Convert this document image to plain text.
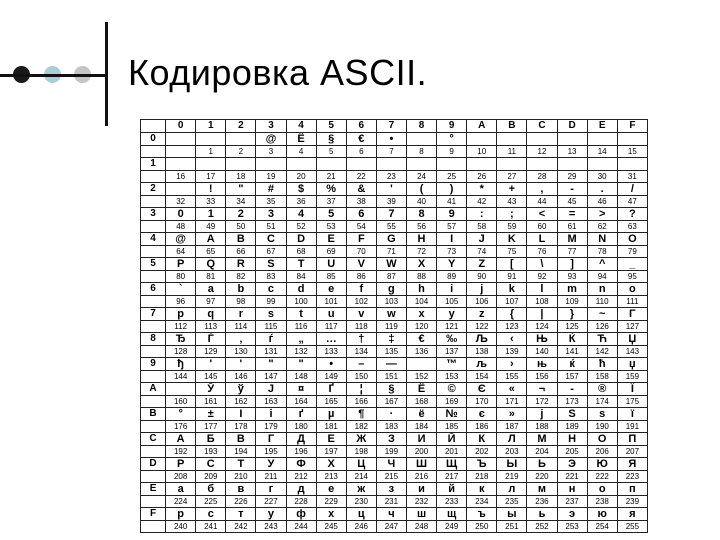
Кодировка ASCII.
	0	1	2	3	4	5	6	7	8	9	A	B	C	D	E	F
0				@	Ë	§	€	•		°						
		1	2	3	4	5	6	7	8	9	10	11	12	13	14	15
1																
	16	17	18	19	20	21	22	23	24	25	26	27	28	29	30	31
2		!	"	#	$	%	&	'	(	)	*	+	,	-	.	/
	32	33	34	35	36	37	38	39	40	41	42	43	44	45	46	47
3	0	1	2	3	4	5	6	7	8	9	:	;	<	=	>	?
	48	49	50	51	52	53	54	55	56	57	58	59	60	61	62	63
4	@	A	B	C	D	E	F	G	H	I	J	K	L	M	N	O
	64	65	66	67	68	69	70	71	72	73	74	75	76	77	78	79
5	P	Q	R	S	T	U	V	W	X	Y	Z	[	\	]	^	_
	80	81	82	83	84	85	86	87	88	89	90	91	92	93	94	95
6	`	a	b	c	d	e	f	g	h	i	j	k	l	m	n	o
	96	97	98	99	100	101	102	103	104	105	106	107	108	109	110	111
7	p	q	r	s	t	u	v	w	x	y	z	{	|	}	~	Γ
	112	113	114	115	116	117	118	119	120	121	122	123	124	125	126	127
8	Ђ	Ѓ	‚	ѓ	„	…	†	‡	€	‰	Љ	‹	Њ	Ќ	Ћ	Џ
	128	129	130	131	132	133	134	135	136	137	138	139	140	141	142	143
9	ђ	'	'	"	"	•	–	—		™	љ	›	њ	ќ	ћ	џ
	144	145	146	147	148	149	150	151	152	153	154	155	156	157	158	159
A		Ў	ў	Ј	¤	Ґ	¦	§	Ё	©	Є	«	¬	-	®	Ї
	160	161	162	163	164	165	166	167	168	169	170	171	172	173	174	175
B	°	±	І	і	ґ	µ	¶	·	ё	№	є	»	ј	Ѕ	ѕ	ї
	176	177	178	179	180	181	182	183	184	185	186	187	188	189	190	191
C	А	Б	В	Г	Д	Е	Ж	З	И	Й	К	Л	М	Н	О	П
	192	193	194	195	196	197	198	199	200	201	202	203	204	205	206	207
D	Р	С	Т	У	Ф	Х	Ц	Ч	Ш	Щ	Ъ	Ы	Ь	Э	Ю	Я
	208	209	210	211	212	213	214	215	216	217	218	219	220	221	222	223
E	а	б	в	г	д	е	ж	з	и	й	к	л	м	н	о	п
	224	225	226	227	228	229	230	231	232	233	234	235	236	237	238	239
F	р	с	т	у	ф	х	ц	ч	ш	щ	ъ	ы	ь	э	ю	я
	240	241	242	243	244	245	246	247	248	249	250	251	252	253	254	255
